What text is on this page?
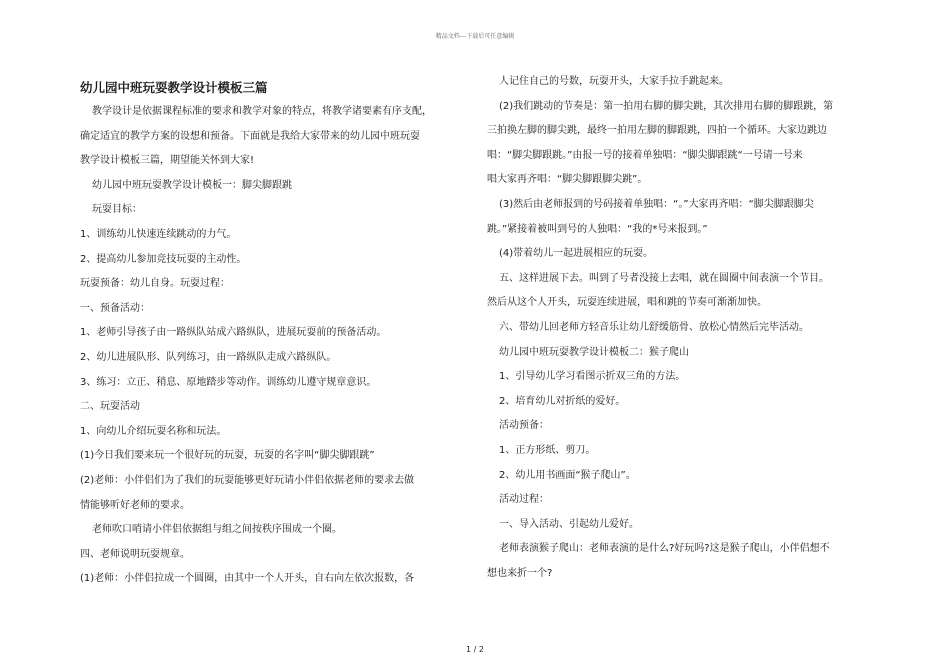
精品文档---下载后可任意编辑

幼儿园中班玩耍教学设计模板三篇

教学设计是依据课程标准的要求和教学对象的特点，将教学诸要素有序支配，

确定适宜的教学方案的设想和预备。下面就是我给大家带来的幼儿园中班玩耍

教学设计模板三篇，期望能关怀到大家!

幼儿园中班玩耍教学设计模板一：脚尖脚跟跳

玩耍目标：

1、训练幼儿快速连续跳动的力气。

2、提高幼儿参加竞技玩耍的主动性。

玩耍预备：幼儿自身。玩耍过程：

一、预备活动：

1、老师引导孩子由一路纵队站成六路纵队，进展玩耍前的预备活动。

2、幼儿进展队形、队列练习，由一路纵队走成六路纵队。

3、练习：立正、稍息、原地踏步等动作。训练幼儿遵守规章意识。

二、玩耍活动

1、向幼儿介绍玩耍名称和玩法。

(1)今日我们要来玩一个很好玩的玩耍，玩耍的名字叫“脚尖脚跟跳”

(2)老师：小伴侣们为了我们的玩耍能够更好玩请小伴侣依据老师的要求去做

情能够听好老师的要求。

老师吹口哨请小伴侣依据组与组之间按秩序围成一个圈。

四、老师说明玩耍规章。

(1)老师：小伴侣拉成一个圆圈，由其中一个人开头，自右向左依次报数，各

人记住自己的号数，玩耍开头，大家手拉手跳起来。

(2)我们跳动的节奏是：第一拍用右脚的脚尖跳，其次排用右脚的脚跟跳，第

三拍换左脚的脚尖跳，最终一拍用左脚的脚跟跳，四拍一个循环。大家边跳边

唱：“脚尖脚跟跳。”由报一号的接着单独唱：“脚尖脚跟跳“一号请一号来

唱大家再齐唱：“脚尖脚跟脚尖跳”。

(3)然后由老师报到的号码接着单独唱：“。”大家再齐唱：“脚尖脚跟脚尖

跳。”紧接着被叫到号的人独唱：“我的*号来报到。”

(4)带着幼儿一起进展相应的玩耍。

五、这样进展下去。叫到了号者没接上去唱，就在圆圈中间表演一个节目。

然后从这个人开头，玩耍连续进展，唱和跳的节奏可渐渐加快。

六、带幼儿回老师方轻音乐让幼儿舒缓筋骨、放松心情然后完毕活动。

幼儿园中班玩耍教学设计模板二：猴子爬山

1、引导幼儿学习看图示折双三角的方法。

2、培育幼儿对折纸的爱好。

活动预备：

1、正方形纸、剪刀。

2、幼儿用书画面“猴子爬山”。

活动过程：

一、导入活动、引起幼儿爱好。

老师表演猴子爬山：老师表演的是什么?好玩吗?这是猴子爬山，小伴侣想不

想也来折一个?

1 / 2
